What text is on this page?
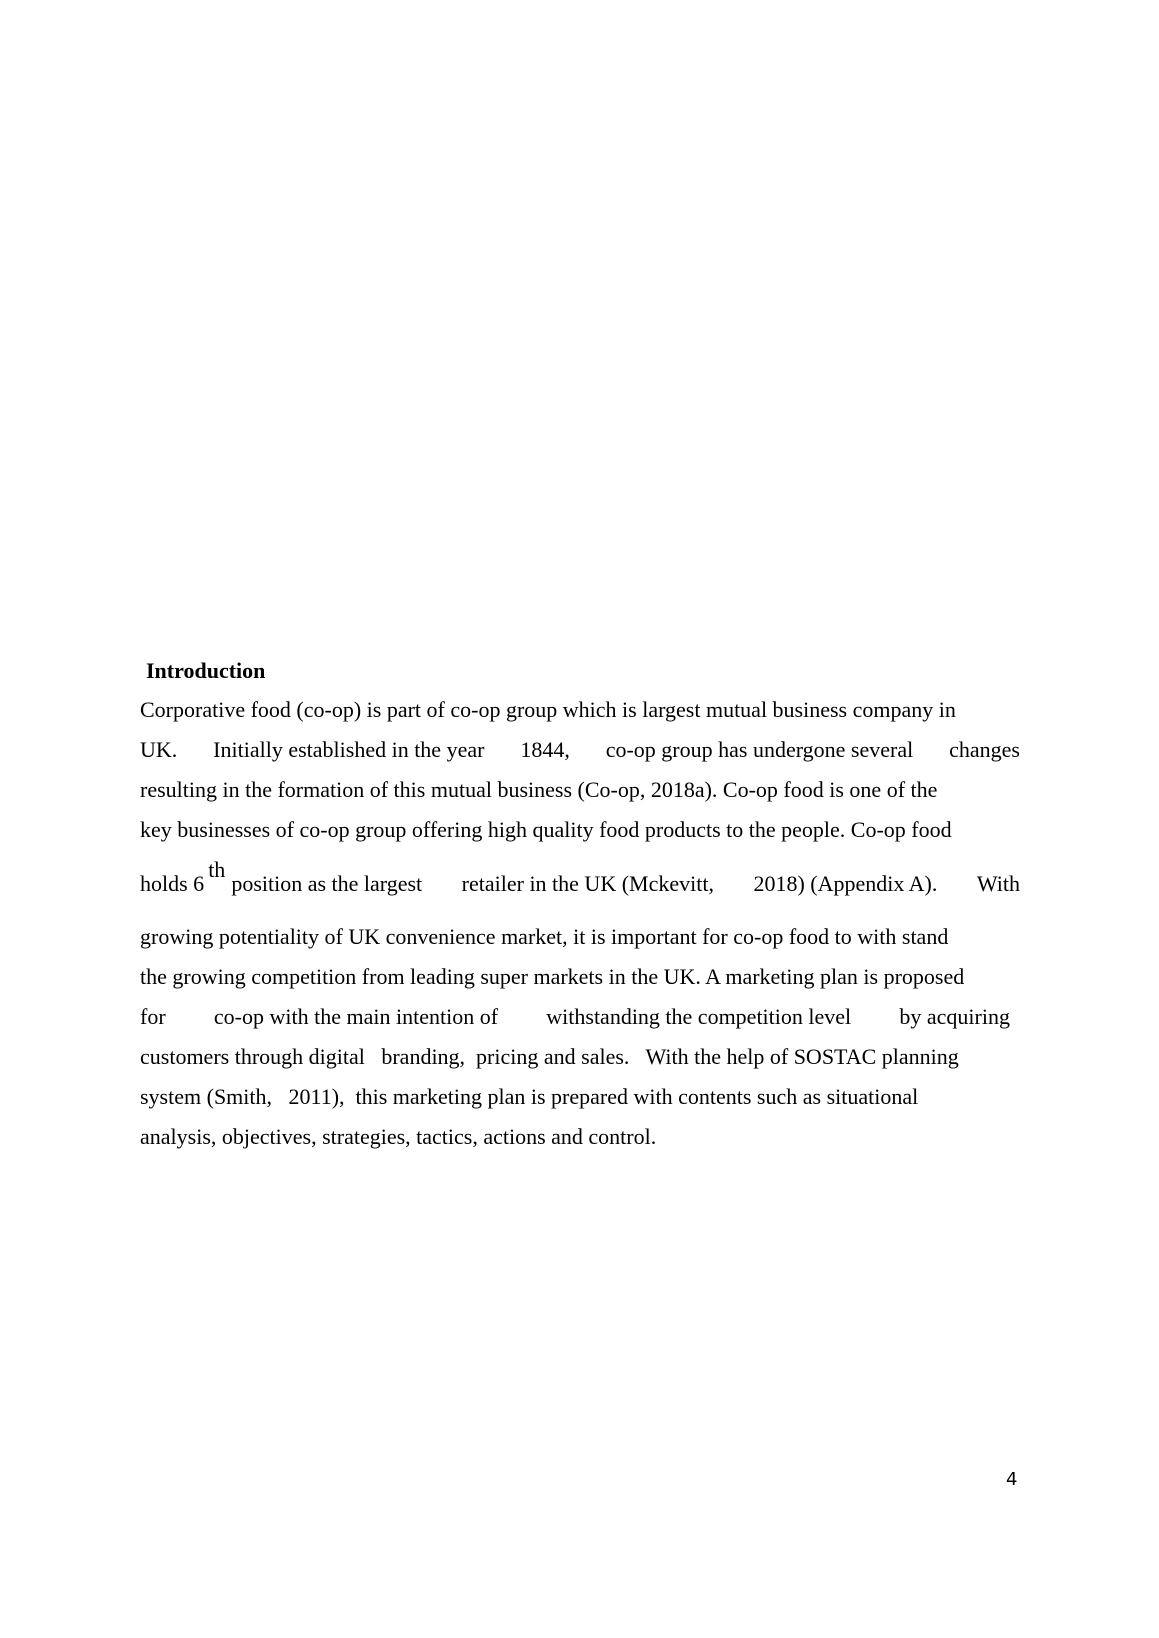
Introduction
Corporative food (co-op) is part of co-op group which is largest mutual business company in
UK. Initially established in the year 1844, co-op group has undergone several changes
resulting in the formation of this mutual business (Co-op, 2018a). Co-op food is one of the
key businesses of co-op group offering high quality food products to the people. Co-op food
holds 6thposition as the largest retailer in the UK (Mckevitt, 2018) (Appendix A). With
growing potentiality of UK convenience market, it is important for co-op food to with stand
the growing competition from leading super markets in the UK. A marketing plan is proposed
for co-op with the main intention of withstanding the competition level by acquiring
customers through digital   branding,  pricing and sales.   With the help of SOSTAC planning
system (Smith,   2011),  this marketing plan is prepared with contents such as situational
analysis, objectives, strategies, tactics, actions and control.
4
